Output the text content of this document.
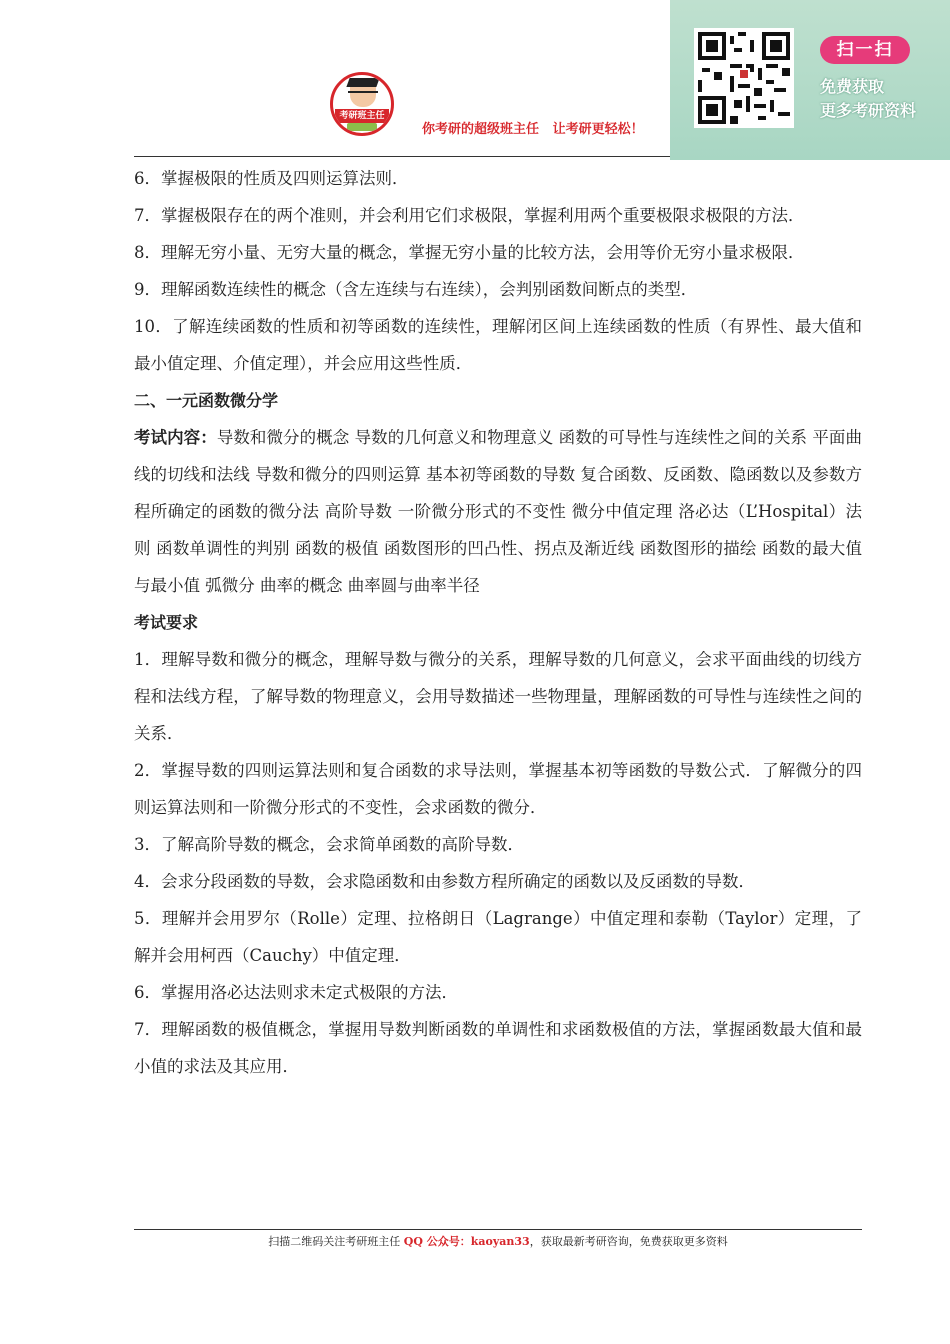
考研班主任
你考研的超级班主任   让考研更轻松！
扫一扫
免费获取
更多考研资料

6．掌握极限的性质及四则运算法则．

7．掌握极限存在的两个准则，并会利用它们求极限，掌握利用两个重要极限求极限的方法．

8．理解无穷小量、无穷大量的概念，掌握无穷小量的比较方法，会用等价无穷小量求极限．

9．理解函数连续性的概念（含左连续与右连续），会判别函数间断点的类型．

10．了解连续函数的性质和初等函数的连续性，理解闭区间上连续函数的性质（有界性、最大值和最小值定理、介值定理），并会应用这些性质．

二、一元函数微分学

考试内容：导数和微分的概念 导数的几何意义和物理意义 函数的可导性与连续性之间的关系 平面曲线的切线和法线 导数和微分的四则运算 基本初等函数的导数 复合函数、反函数、隐函数以及参数方程所确定的函数的微分法 高阶导数 一阶微分形式的不变性 微分中值定理 洛必达（L’Hospital）法则 函数单调性的判别 函数的极值 函数图形的凹凸性、拐点及渐近线 函数图形的描绘 函数的最大值与最小值 弧微分 曲率的概念 曲率圆与曲率半径

考试要求

1．理解导数和微分的概念，理解导数与微分的关系，理解导数的几何意义，会求平面曲线的切线方程和法线方程，了解导数的物理意义，会用导数描述一些物理量，理解函数的可导性与连续性之间的关系．

2．掌握导数的四则运算法则和复合函数的求导法则，掌握基本初等函数的导数公式．了解微分的四则运算法则和一阶微分形式的不变性，会求函数的微分．

3．了解高阶导数的概念，会求简单函数的高阶导数．

4．会求分段函数的导数，会求隐函数和由参数方程所确定的函数以及反函数的导数．

5．理解并会用罗尔（Rolle）定理、拉格朗日（Lagrange）中值定理和泰勒（Taylor）定理，了解并会用柯西（Cauchy）中值定理．

6．掌握用洛必达法则求未定式极限的方法．

7．理解函数的极值概念，掌握用导数判断函数的单调性和求函数极值的方法，掌握函数最大值和最小值的求法及其应用．

扫描二维码关注考研班主任 QQ 公众号：kaoyan33，获取最新考研咨询，免费获取更多资料
